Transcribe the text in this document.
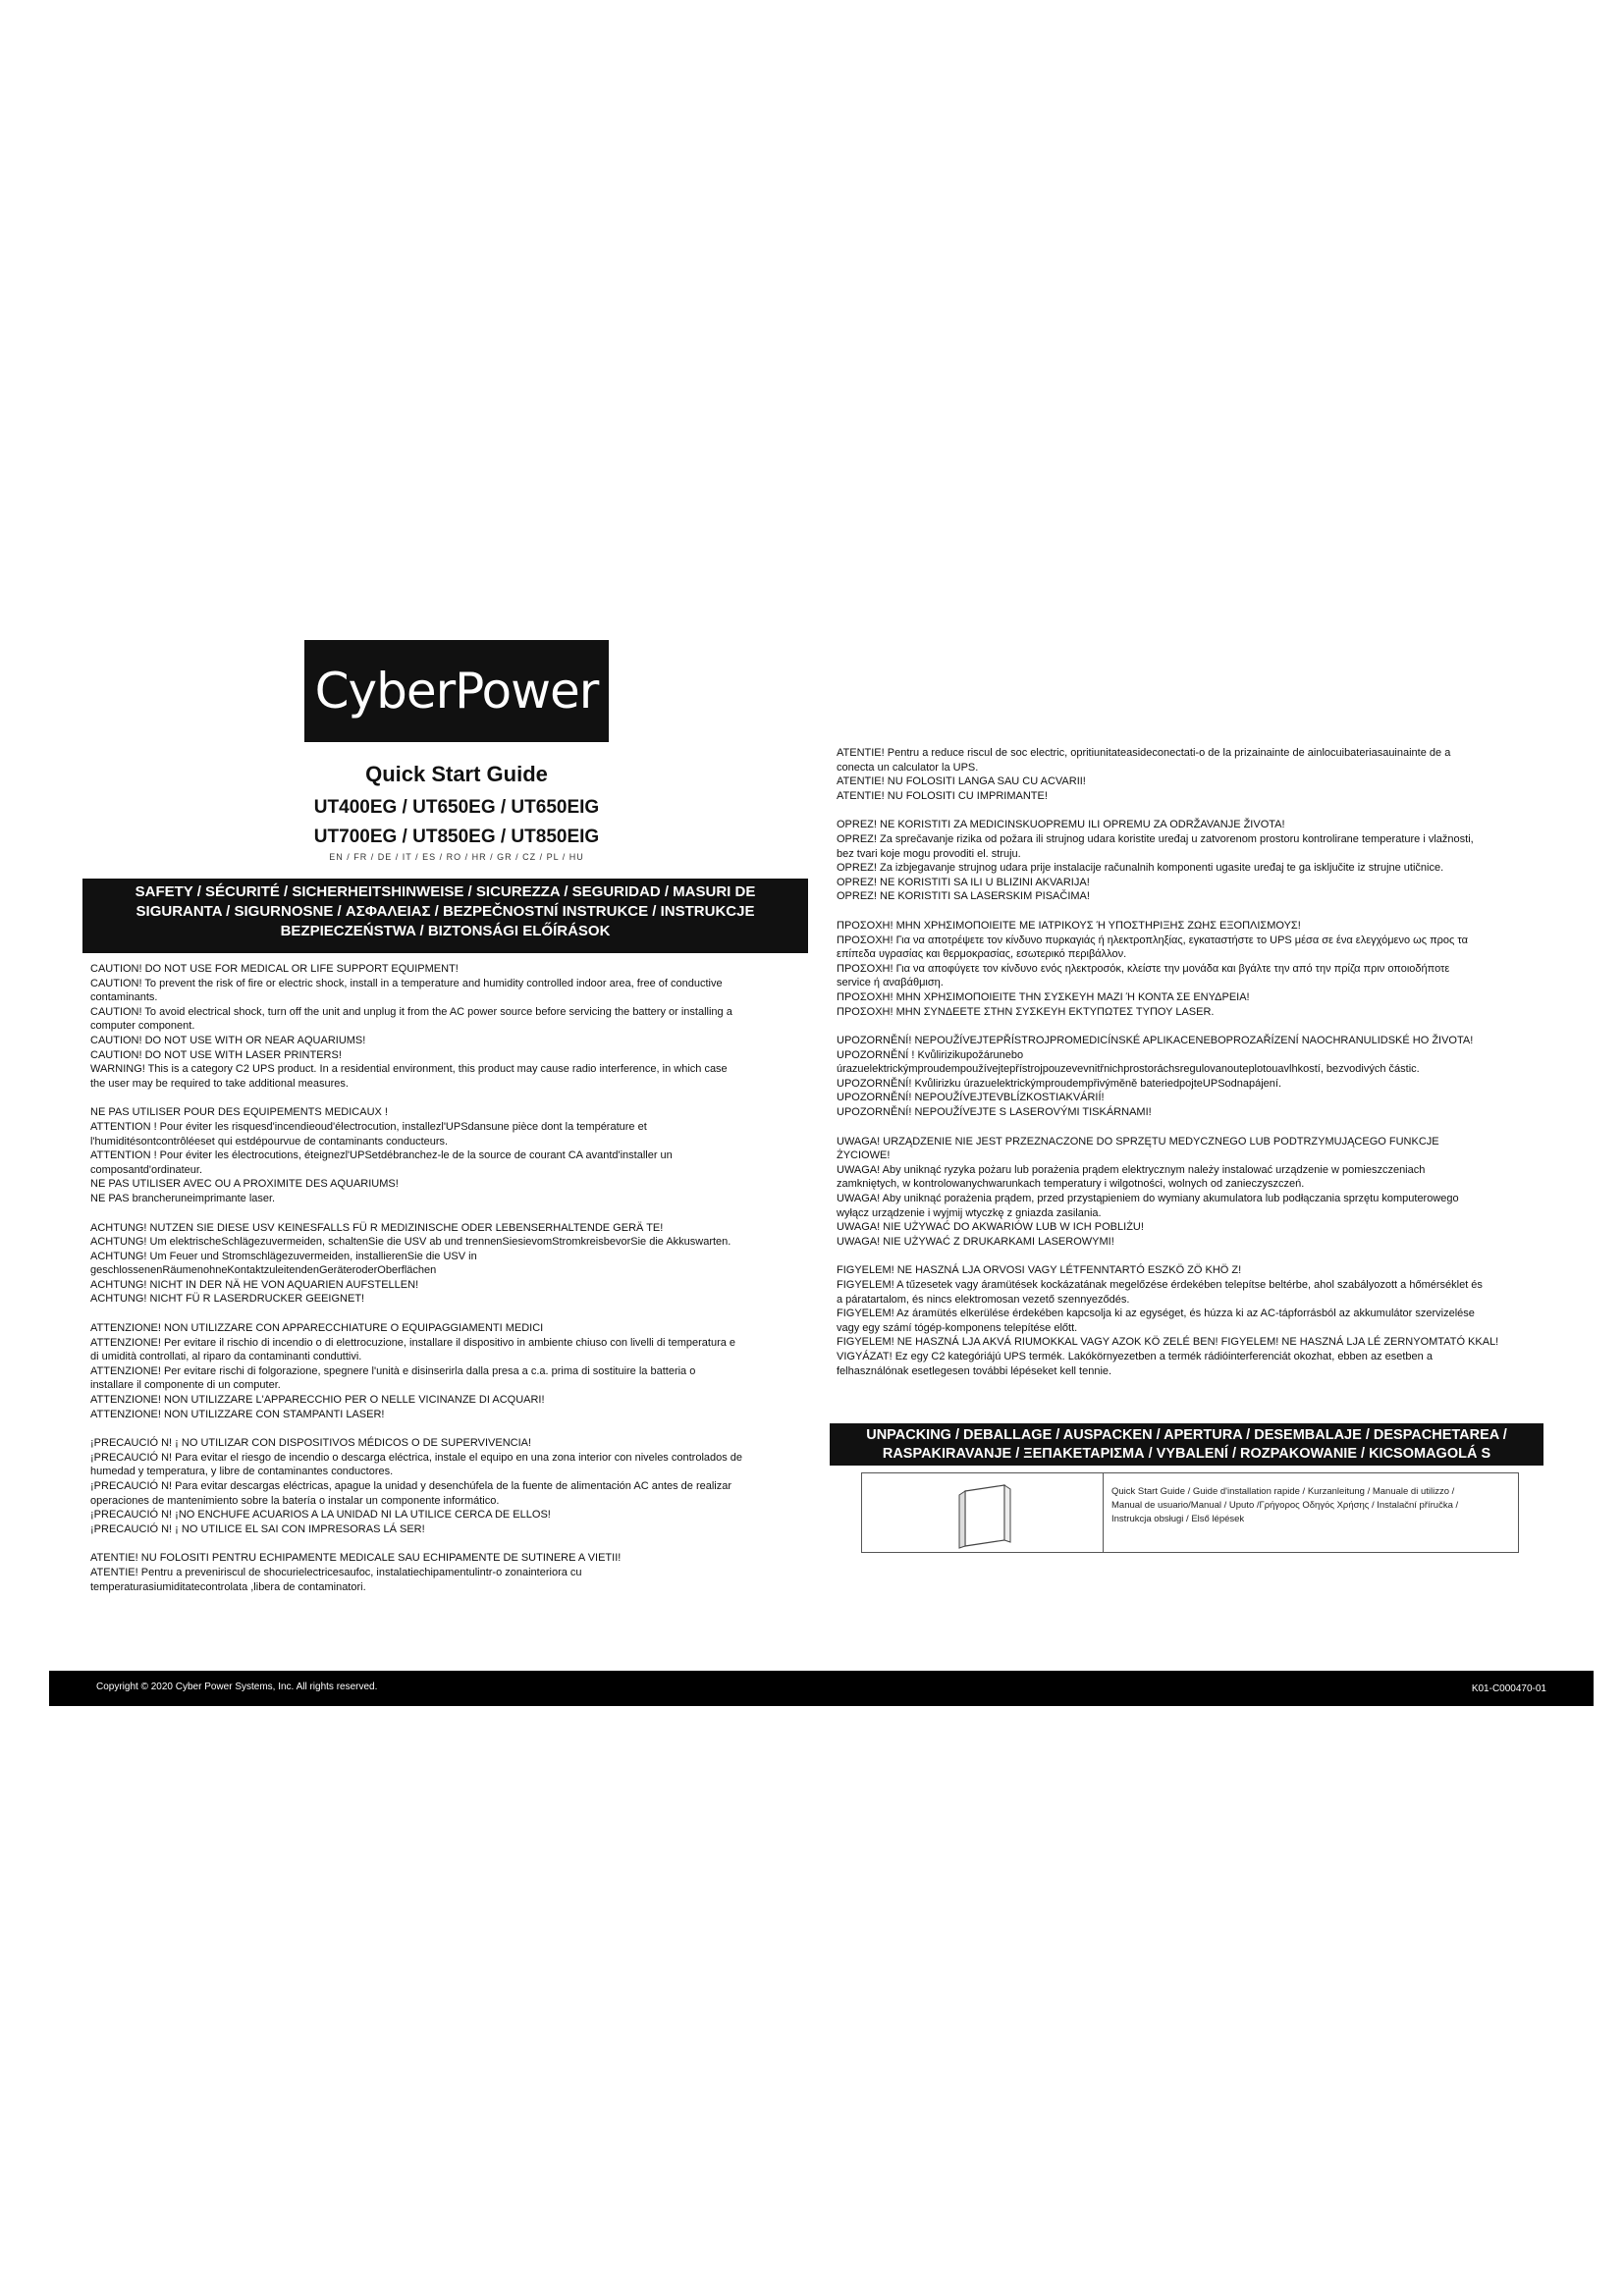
CyberPower
Quick Start Guide
UT400EG / UT650EG / UT650EIG
UT700EG / UT850EG / UT850EIG
EN / FR / DE / IT / ES / RO / HR / GR / CZ / PL / HU
SAFETY / SÉCURITÉ / SICHERHEITSHINWEISE / SICUREZZA / SEGURIDAD / MASURI DE
SIGURANTA / SIGURNOSNE / ΑΣΦΑΛΕΙΑΣ / BEZPEČNOSTNÍ INSTRUKCE / INSTRUKCJE
BEZPIECZEŃSTWA / BIZTONSÁGI ELŐÍRÁSOK
CAUTION! DO NOT USE FOR MEDICAL OR LIFE SUPPORT EQUIPMENT!
CAUTION! To prevent the risk of fire or electric shock, install in a temperature and humidity controlled indoor area, free of conductive
contaminants.
CAUTION! To avoid electrical shock, turn off the unit and unplug it from the AC power source before servicing the battery or installing a
computer component.
CAUTION! DO NOT USE WITH OR NEAR AQUARIUMS!
CAUTION! DO NOT USE WITH LASER PRINTERS!
WARNING! This is a category C2 UPS product. In a residential environment, this product may cause radio interference, in which case
the user may be required to take additional measures.
NE PAS UTILISER POUR DES EQUIPEMENTS MEDICAUX !
ATTENTION ! Pour éviter les risquesd'incendieoud'électrocution, installezl'UPSdansune pièce dont la température et
l'humiditésontcontrôléeset qui estdépourvue de contaminants conducteurs.
ATTENTION ! Pour éviter les électrocutions, éteignezl'UPSetdébranchez-le de la source de courant CA avantd'installer un
composantd'ordinateur.
NE PAS UTILISER AVEC OU A PROXIMITE DES AQUARIUMS!
NE PAS brancheruneimprimante laser.
ACHTUNG! NUTZEN SIE DIESE USV KEINESFALLS FÜ R MEDIZINISCHE ODER LEBENSERHALTENDE GERÄ TE!
ACHTUNG! Um elektrischeSchlägezuvermeiden, schaltenSie die USV ab und trennenSiesievomStromkreisbevorSie die Akkuswarten.
ACHTUNG! Um Feuer und Stromschlägezuvermeiden, installierenSie die USV in
geschlossenenRäumenohneKontaktzuleitendenGeräteroderOberflächen
ACHTUNG! NICHT IN DER NÄ HE VON AQUARIEN AUFSTELLEN!
ACHTUNG! NICHT FÜ R LASERDRUCKER GEEIGNET!
ATTENZIONE! NON UTILIZZARE CON APPARECCHIATURE O EQUIPAGGIAMENTI MEDICI
ATTENZIONE! Per evitare il rischio di incendio o di elettrocuzione, installare il dispositivo in ambiente chiuso con livelli di temperatura e
di umidità controllati, al riparo da contaminanti conduttivi.
ATTENZIONE! Per evitare rischi di folgorazione, spegnere l'unità e disinserirla dalla presa a c.a. prima di sostituire la batteria o
installare il componente di un computer.
ATTENZIONE! NON UTILIZZARE L'APPARECCHIO PER O NELLE VICINANZE DI ACQUARI!
ATTENZIONE! NON UTILIZZARE CON STAMPANTI LASER!
¡PRECAUCIÓ N! ¡ NO UTILIZAR CON DISPOSITIVOS MÉDICOS O DE SUPERVIVENCIA!
¡PRECAUCIÓ N! Para evitar el riesgo de incendio o descarga eléctrica, instale el equipo en una zona interior con niveles controlados de
humedad y temperatura, y libre de contaminantes conductores.
¡PRECAUCIÓ N! Para evitar descargas eléctricas, apague la unidad y desenchúfela de la fuente de alimentación AC antes de realizar
operaciones de mantenimiento sobre la batería o instalar un componente informático.
¡PRECAUCIÓ N! ¡NO ENCHUFE ACUARIOS A LA UNIDAD NI LA UTILICE CERCA DE ELLOS!
¡PRECAUCIÓ N! ¡ NO UTILICE EL SAI CON IMPRESORAS LÁ SER!
ATENTIE! NU FOLOSITI PENTRU ECHIPAMENTE MEDICALE SAU ECHIPAMENTE DE SUTINERE A VIETII!
ATENTIE! Pentru a preveniriscul de shocurielectricesaufoc, instalatiechipamentulintr-o zonainteriora cu
temperaturasiumiditatecontrolata ,libera de contaminatori.
ATENTIE! Pentru a reduce riscul de soc electric, opritiunitateasideconectati-o de la prizainainte de ainlocuibateriasauinainte de a
conecta un calculator la UPS.
ATENTIE! NU FOLOSITI LANGA SAU CU ACVARII!
ATENTIE! NU FOLOSITI CU IMPRIMANTE!
OPREZ! NE KORISTITI ZA MEDICINSKUOPREMU ILI OPREMU ZA ODRŽAVANJE ŽIVOTA!
OPREZ! Za sprečavanje rizika od požara ili strujnog udara koristite uređaj u zatvorenom prostoru kontrolirane temperature i vlažnosti,
bez tvari koje mogu provoditi el. struju.
OPREZ! Za izbjegavanje strujnog udara prije instalacije računalnih komponenti ugasite uređaj te ga isključite iz strujne utičnice.
OPREZ! NE KORISTITI SA ILI U BLIZINI AKVARIJA!
OPREZ! NE KORISTITI SA LASERSKIM PISAČIMA!
ΠΡΟΣΟΧΗ! ΜΗΝ ΧΡΗΣΙΜΟΠΟΙΕΙΤΕ ΜΕ ΙΑΤΡΙΚΟΥΣ Ή ΥΠΟΣΤΗΡΙΞΗΣ ΖΩΗΣ ΕΞΟΠΛΙΣΜΟΥΣ!
ΠΡΟΣΟΧΗ! Για να αποτρέψετε τον κίνδυνο πυρκαγιάς ή ηλεκτροπληξίας, εγκαταστήστε το UPS μέσα σε ένα ελεγχόμενο ως προς τα
επίπεδα υγρασίας και θερμοκρασίας, εσωτερικό περιβάλλον.
ΠΡΟΣΟΧΗ! Για να αποφύγετε τον κίνδυνο ενός ηλεκτροσόκ, κλείστε την μονάδα και βγάλτε την από την πρίζα πριν οποιοδήποτε
service ή αναβάθμιση.
ΠΡΟΣΟΧΗ! ΜΗΝ ΧΡΗΣΙΜΟΠΟΙΕΙΤΕ ΤΗΝ ΣΥΣΚΕΥΗ ΜΑΖΙ Ή ΚΟΝΤΑ ΣΕ ΕΝΥΔΡΕΙΑ!
ΠΡΟΣΟΧΗ! ΜΗΝ ΣΥΝΔΕΕΤΕ ΣΤΗΝ ΣΥΣΚΕΥΗ ΕΚΤΥΠΩΤΕΣ ΤΥΠΟΥ LASER.
UPOZORNĚNÍ! NEPOUŽÍVEJTEPŘÍSTROJPROMEDICÍNSKÉ APLIKACENEBOPROZAŘÍZENÍ NAOCHRANULIDSKÉ HO ŽIVOTA!
UPOZORNĚNÍ ! Kvůlirizikupožárunebo
úrazuelektrickýmproudempoužívejtepřístrojpouzevevnitřnichprostoráchsregulovanouteplotouavlhkostí, bezvodivých částic.
UPOZORNĚNÍ! Kvůlirizku úrazuelektrickýmproudempřivýměně bateriedpojteUPSodnapájení.
UPOZORNĚNÍ! NEPOUŽÍVEJTEVBLÍZKOSTIAKVÁRIÍ!
UPOZORNĚNÍ! NEPOUŽÍVEJTE S LASEROVÝMI TISKÁRNAMI!
UWAGA! URZĄDZENIE NIE JEST PRZEZNACZONE DO SPRZĘTU MEDYCZNEGO LUB PODTRZYMUJĄCEGO FUNKCJE
ŻYCIOWE!
UWAGA! Aby uniknąć ryzyka pożaru lub porażenia prądem elektrycznym należy instalować urządzenie w pomieszczeniach
zamkniętych, w kontrolowanychwarunkach temperatury i wilgotności, wolnych od zanieczyszczeń.
UWAGA! Aby uniknąć porażenia prądem, przed przystąpieniem do wymiany akumulatora lub podłączania sprzętu komputerowego
wyłącz urządzenie i wyjmij wtyczkę z gniazda zasilania.
UWAGA! NIE UŻYWAĆ DO AKWARIÓW LUB W ICH POBLIŻU!
UWAGA! NIE UŻYWAĆ Z DRUKARKAMI LASEROWYMI!
FIGYELEM! NE HASZNÁ LJA ORVOSI VAGY LÉTFENNTARTÓ ESZKÖ ZÖ KHÖ Z!
FIGYELEM! A tűzesetek vagy áramütések kockázatának megelőzése érdekében telepítse beltérbe, ahol szabályozott a hőmérséklet és
a páratartalom, és nincs elektromosan vezető szennyeződés.
FIGYELEM! Az áramütés elkerülése érdekében kapcsolja ki az egységet, és húzza ki az AC-tápforrásból az akkumulátor szervizelése
vagy egy számí tógép-komponens telepítése előtt.
FIGYELEM! NE HASZNÁ LJA AKVÁ RIUMOKKAL VAGY AZOK KÖ ZELÉ BEN! FIGYELEM! NE HASZNÁ LJA LÉ ZERNYOMTATÓ KKAL!
VIGYÁZAT! Ez egy C2 kategóriájú UPS termék. Lakókörnyezetben a termék rádióinterferenciát okozhat, ebben az esetben a
felhasználónak esetlegesen további lépéseket kell tennie.
UNPACKING / DEBALLAGE / AUSPACKEN / APERTURA / DESEMBALAJE / DESPACHETAREA /
RASPAKIRAVANJE / ΞΕΠΑΚΕΤΑΡΙΣΜΑ / VYBALENÍ / ROZPAKOWANIE / KICSOMAGOLÁ S
Quick Start Guide / Guide d'installation rapide / Kurzanleitung / Manuale di utilizzo /
Manual de usuario/Manual / Uputo /Γρήγορος Οδηγός Χρήσης / Instalační příručka /
Instrukcja obsługi / Első lépések
Copyright © 2020 Cyber Power Systems, Inc. All rights reserved.	K01-C000470-01
